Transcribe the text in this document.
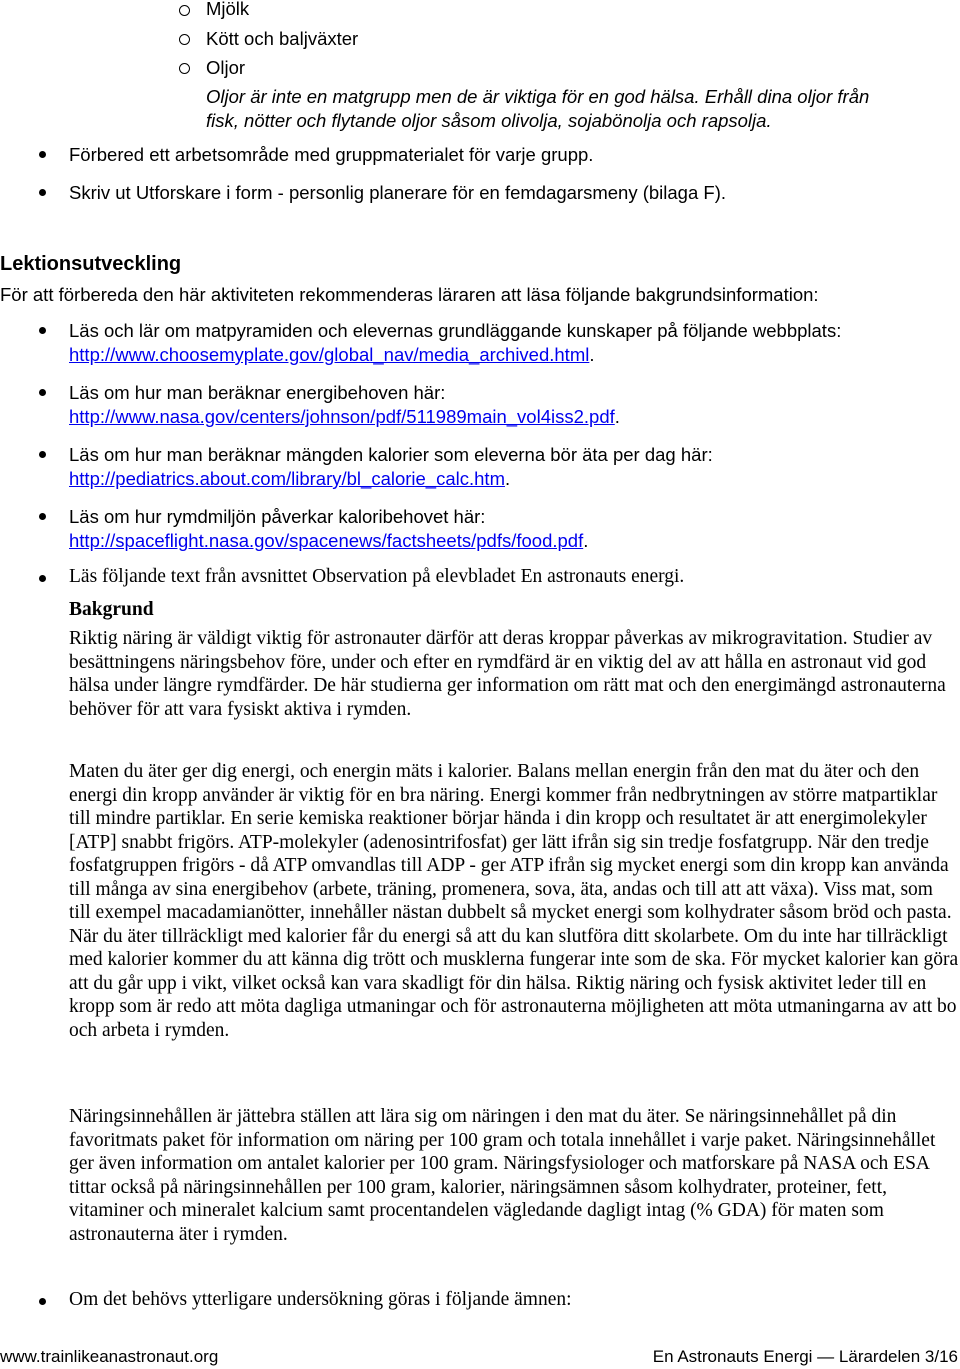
Mjölk
Kött och baljväxter
Oljor
Oljor är inte en matgrupp men de är viktiga för en god hälsa. Erhåll dina oljor från
fisk, nötter och flytande oljor såsom olivolja, sojabönolja och rapsolja.
Förbered ett arbetsområde med gruppmaterialet för varje grupp.
Skriv ut Utforskare i form - personlig planerare för en femdagarsmeny (bilaga F).
Lektionsutveckling
För att förbereda den här aktiviteten rekommenderas läraren att läsa följande bakgrundsinformation:
Läs och lär om matpyramiden och elevernas grundläggande kunskaper på följande webbplats:
http://www.choosemyplate.gov/global_nav/media_archived.html.
Läs om hur man beräknar energibehoven här:
http://www.nasa.gov/centers/johnson/pdf/511989main_vol4iss2.pdf.
Läs om hur man beräknar mängden kalorier som eleverna bör äta per dag här:
http://pediatrics.about.com/library/bl_calorie_calc.htm.
Läs om hur rymdmiljön påverkar kaloribehovet här:
http://spaceflight.nasa.gov/spacenews/factsheets/pdfs/food.pdf.
Läs följande text från avsnittet Observation på elevbladet En astronauts energi.
Bakgrund
Riktig näring är väldigt viktig för astronauter därför att deras kroppar påverkas av mikrogravitation. Studier av besättningens näringsbehov före, under och efter en rymdfärd är en viktig del av att hålla en astronaut vid god hälsa under längre rymdfärder. De här studierna ger information om rätt mat och den energimängd astronauterna behöver för att vara fysiskt aktiva i rymden.
Maten du äter ger dig energi, och energin mäts i kalorier. Balans mellan energin från den mat du äter och den energi din kropp använder är viktig för en bra näring. Energi kommer från nedbrytningen av större matpartiklar till mindre partiklar. En serie kemiska reaktioner börjar hända i din kropp och resultatet är att energimolekyler [ATP] snabbt frigörs. ATP-molekyler (adenosintrifosfat) ger lätt ifrån sig sin tredje fosfatgrupp. När den tredje fosfatgruppen frigörs - då ATP omvandlas till ADP - ger ATP ifrån sig mycket energi som din kropp kan använda till många av sina energibehov (arbete, träning, promenera, sova, äta, andas och till att att växa). Viss mat, som till exempel macadamianötter, innehåller nästan dubbelt så mycket energi som kolhydrater såsom bröd och pasta. När du äter tillräckligt med kalorier får du energi så att du kan slutföra ditt skolarbete. Om du inte har tillräckligt med kalorier kommer du att känna dig trött och musklerna fungerar inte som de ska. För mycket kalorier kan göra att du går upp i vikt, vilket också kan vara skadligt för din hälsa. Riktig näring och fysisk aktivitet leder till en kropp som är redo att möta dagliga utmaningar och för astronauterna möjligheten att möta utmaningarna av att bo och arbeta i rymden.
Näringsinnehållen är jättebra ställen att lära sig om näringen i den mat du äter. Se näringsinnehållet på din favoritmats paket för information om näring per 100 gram och totala innehållet i varje paket. Näringsinnehållet ger även information om antalet kalorier per 100 gram. Näringsfysiologer och matforskare på NASA och ESA tittar också på näringsinnehållen per 100 gram, kalorier, näringsämnen såsom kolhydrater, proteiner, fett, vitaminer och mineralet kalcium samt procentandelen vägledande dagligt intag (% GDA) för maten som astronauterna äter i rymden.
Om det behövs ytterligare undersökning göras i följande ämnen:
www.trainlikeanastronaut.org	En Astronauts Energi — Lärardelen 3/16
